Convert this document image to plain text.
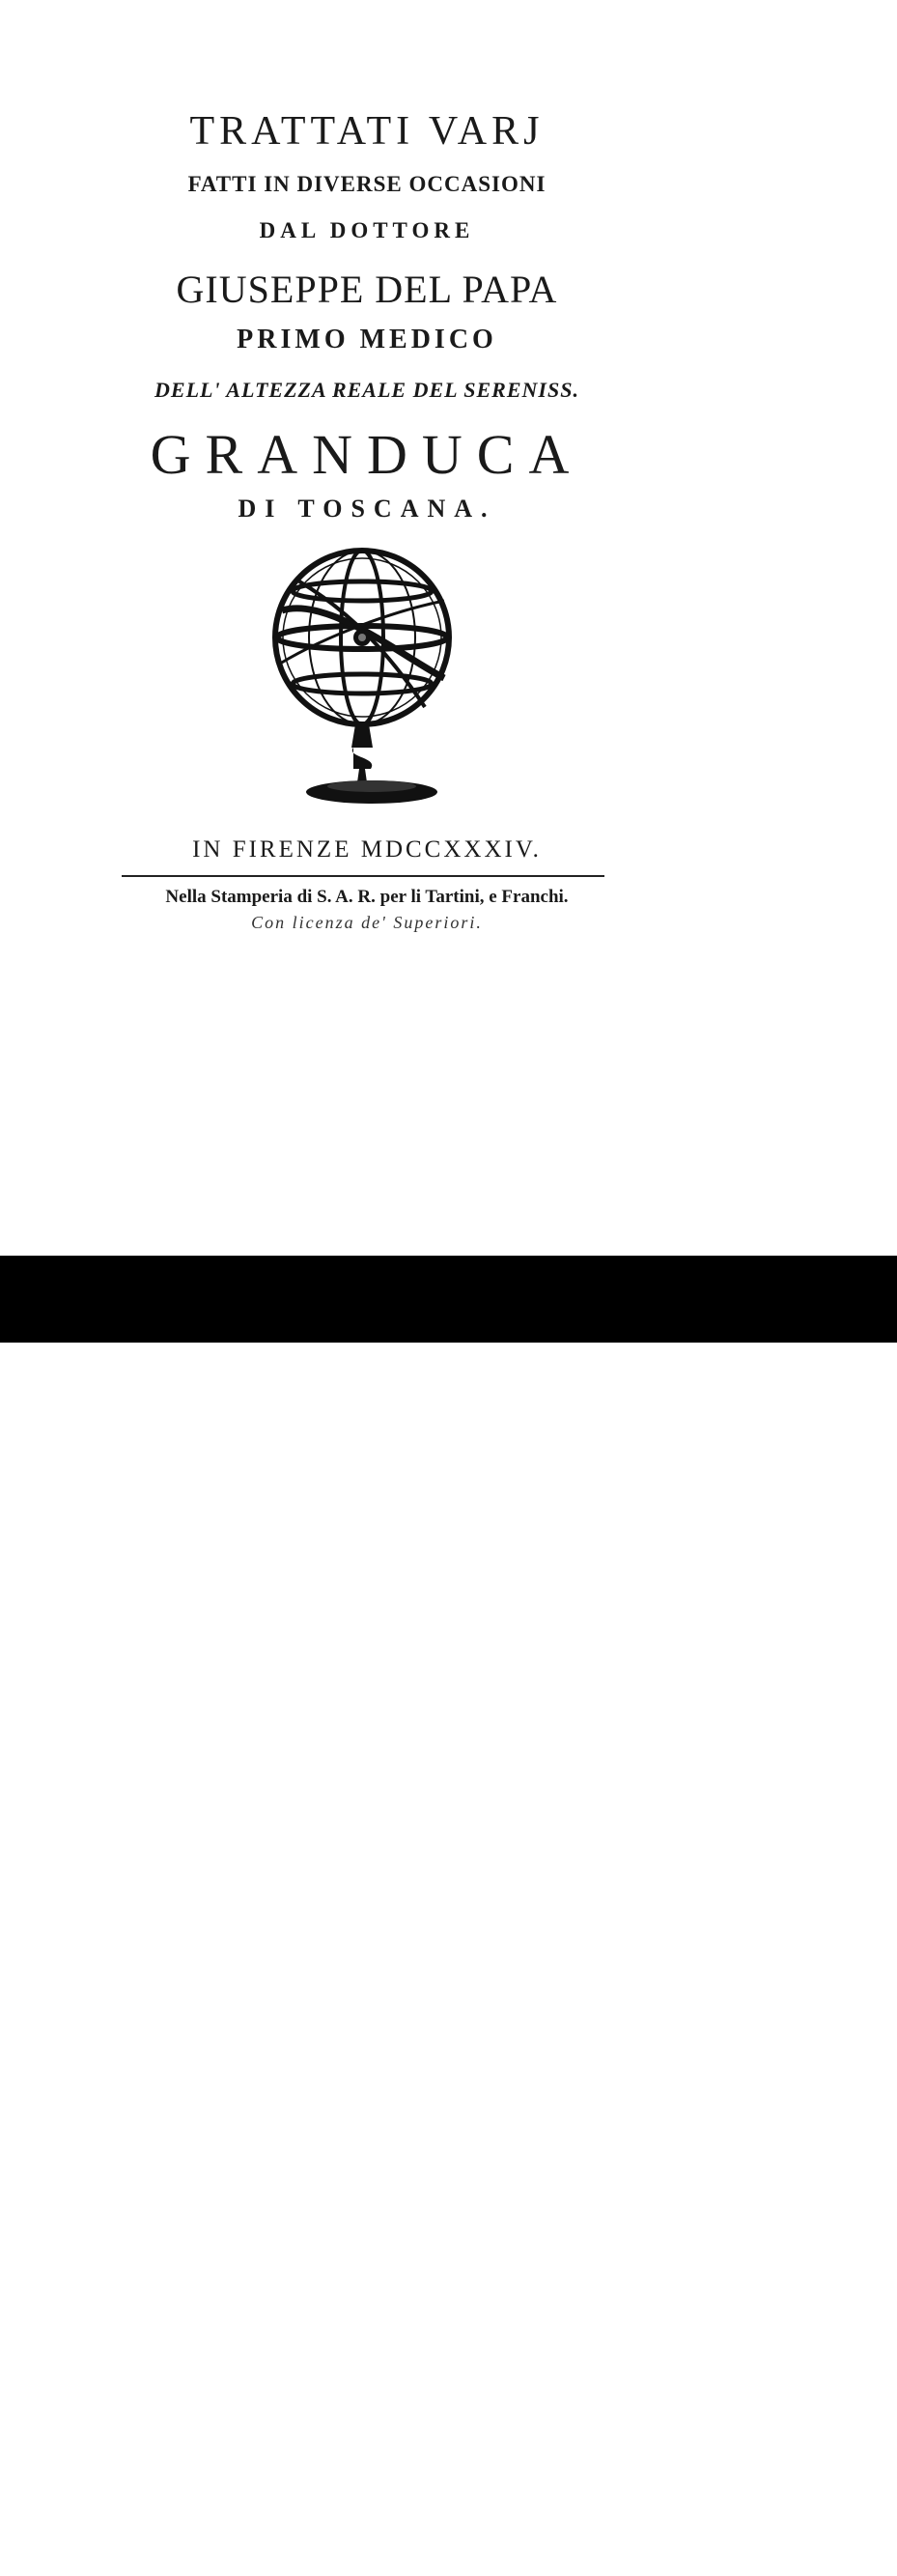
TRATTATI VARJ
FATTI IN DIVERSE OCCASIONI
DAL DOTTORE
GIUSEPPE DEL PAPA
PRIMO MEDICO
DELL' ALTEZZA REALE DEL SERENISS.
GRANDUCA
DI TOSCANA.
IN FIRENZE MDCCXXXIV.
Nella Stamperia di S. A. R. per li Tartini, e Franchi.
Con licenza de' Superiori.
alamy	JG1WTD
www.alamy.com
